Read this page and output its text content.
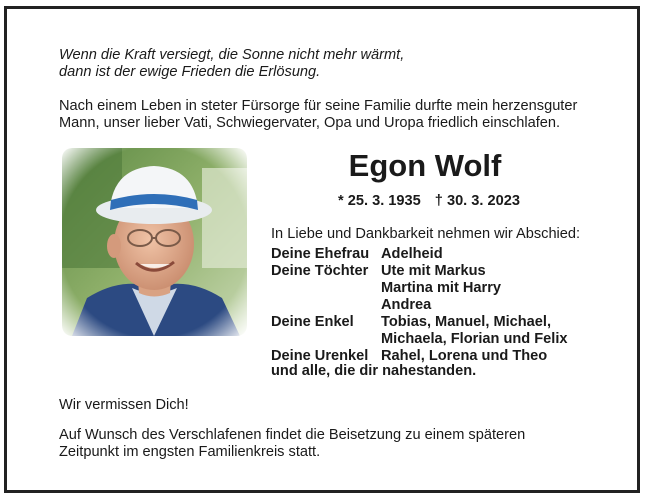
Wenn die Kraft versiegt, die Sonne nicht mehr wärmt,
dann ist der ewige Frieden die Erlösung.
Nach einem Leben in steter Fürsorge für seine Familie durfte mein herzensguter
Mann, unser lieber Vati, Schwiegervater, Opa und Uropa friedlich einschlafen.
Egon Wolf
* 25. 3. 1935 † 30. 3. 2023
In Liebe und Dankbarkeit nehmen wir Abschied:
Deine Ehefrau Adelheid
Deine Töchter Ute mit Markus
Martina mit Harry
Andrea
Deine Enkel	Tobias, Manuel, Michael,
Michaela, Florian und Felix
Deine Urenkel Rahel, Lorena und Theo
und alle, die dir nahestanden.
Wir vermissen Dich!
Auf Wunsch des Verschlafenen findet die Beisetzung zu einem späteren
Zeitpunkt im engsten Familienkreis statt.
